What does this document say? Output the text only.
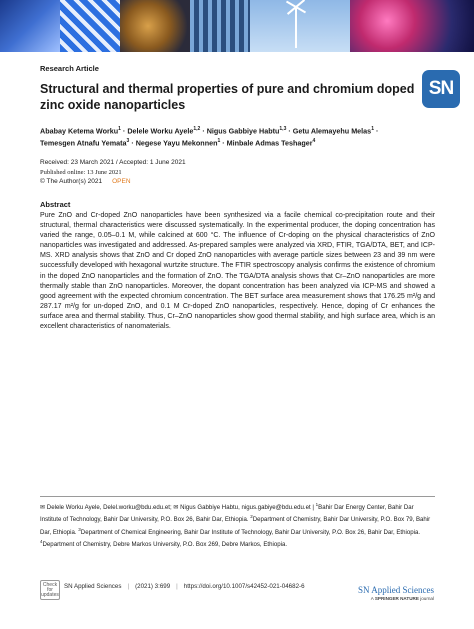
Research Article
SN
Structural and thermal properties of pure and chromium doped zinc oxide nanoparticles
Ababay Ketema Worku$^1$ · Delele Worku Ayele$^{1,2}$ · Nigus Gabbiye Habtu$^{1,3}$ · Getu Alemayehu Melas$^1$ ·
Temesgen Atnafu Yemata$^3$ · Negese Yayu Mekonnen$^1$ · Minbale Admas Teshager$^4$
Received: 23 March 2021 / Accepted: 1 June 2021
Published online: 13 June 2021
© The Author(s) 2021 OPEN
Abstract
Pure ZnO and Cr-doped ZnO nanoparticles have been synthesized via a facile chemical co-precipitation route and their structural, thermal characteristics were discussed systematically. In the experimental producer, the doping concentration has varied the range, 0.05–0.1 M, while calcined at 600 °C. The influence of Cr-doping on the physical characteristics of ZnO nanoparticles was investigated and addressed. As-prepared samples were analyzed via XRD, FTIR, TGA/DTA, BET, and ICP-MS. XRD analysis shows that ZnO and Cr doped ZnO nanoparticles with average particle sizes between 23 and 39 nm were successfully developed with hexagonal wurtzite structure. The FTIR spectroscopy analysis confirms the existence of chromium in the doped ZnO nanoparticles and the formation of ZnO. The TGA/DTA analysis shows that Cr–ZnO nanoparticles are more thermally stable than ZnO nanoparticles. Moreover, the dopant concentration has been analyzed via ICP-MS and showed a good agreement with the expected chromium concentration. The BET surface area measurement shows that 176.25 m²/g and 287.17 m²/g for un-doped ZnO, and 0.1 M Cr-doped ZnO nanoparticles, respectively. Hence, doping of Cr enhances the surface area and thermal stability. Thus, Cr–ZnO nanoparticles show good thermal stability, and high surface area, which is an excellent characteristics of nanomaterials.
✉ Delele Worku Ayele, Delel.worku@bdu.edu.et; ✉ Nigus Gabbiye Habtu, nigus.gabiye@bdu.edu.et | $^1$Bahir Dar Energy Center, Bahir Dar Institute of Technology, Bahir Dar University, P.O. Box 26, Bahir Dar, Ethiopia. $^2$Department of Chemistry, Bahir Dar University, P.O. Box 79, Bahir Dar, Ethiopia. $^3$Department of Chemical Engineering, Bahir Dar Institute of Technology, Bahir Dar University, P.O. Box 26, Bahir Dar, Ethiopia. $^4$Department of Chemistry, Debre Markos University, P.O. Box 269, Debre Markos, Ethiopia.
Check for updates
SN Applied Sciences | (2021) 3:699 | https://doi.org/10.1007/s42452-021-04682-6	SN Applied Sciences
A SPRINGER NATURE journal
